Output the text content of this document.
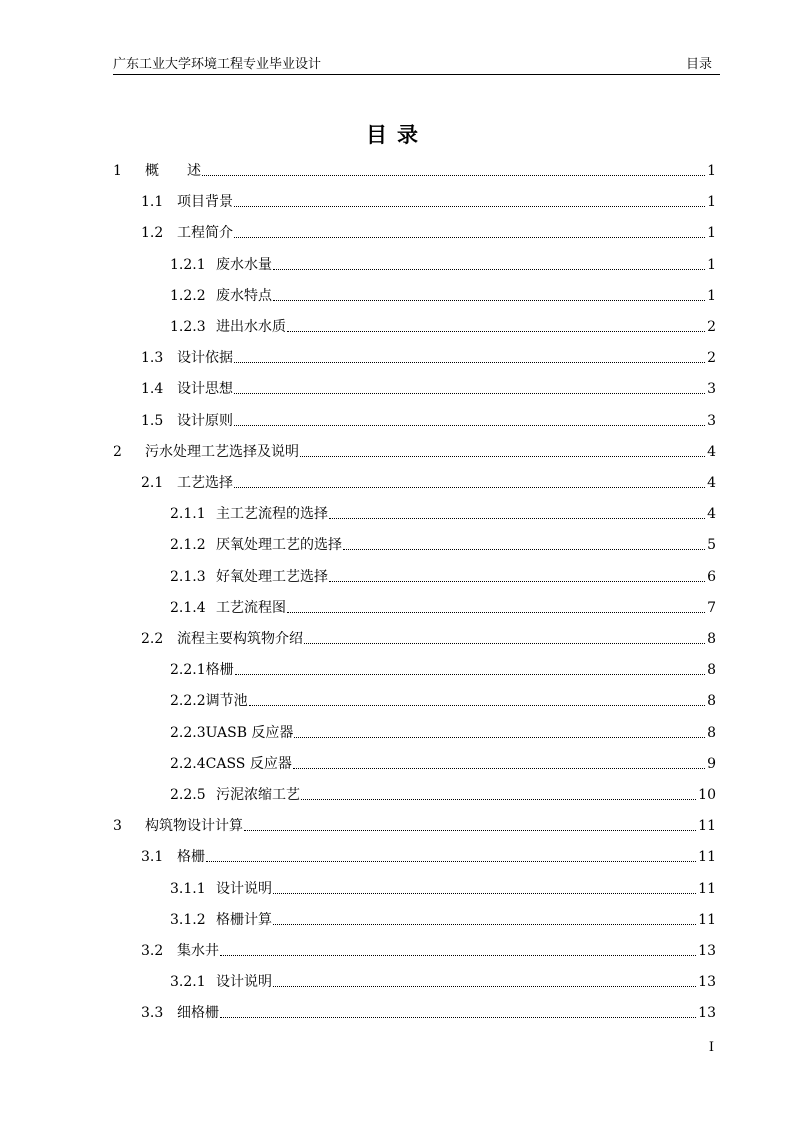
广东工业大学环境工程专业毕业设计	目录
目录
1	概　　述	1
1.1 项目背景	1
1.2 工程简介	1
1.2.1 废水水量	1
1.2.2 废水特点	1
1.2.3 进出水水质	2
1.3 设计依据	2
1.4 设计思想	3
1.5 设计原则	3
2	污水处理工艺选择及说明	4
2.1 工艺选择	4
2.1.1 主工艺流程的选择	4
2.1.2 厌氧处理工艺的选择	5
2.1.3 好氧处理工艺选择	6
2.1.4 工艺流程图	7
2.2 流程主要构筑物介绍	8
2.2.1 格栅	8
2.2.2 调节池	8
2.2.3 UASB 反应器	8
2.2.4 CASS 反应器	9
2.2.5 污泥浓缩工艺	10
3	构筑物设计计算	11
3.1 格栅	11
3.1.1 设计说明	11
3.1.2 格栅计算	11
3.2 集水井	13
3.2.1 设计说明	13
3.3 细格栅	13
I
